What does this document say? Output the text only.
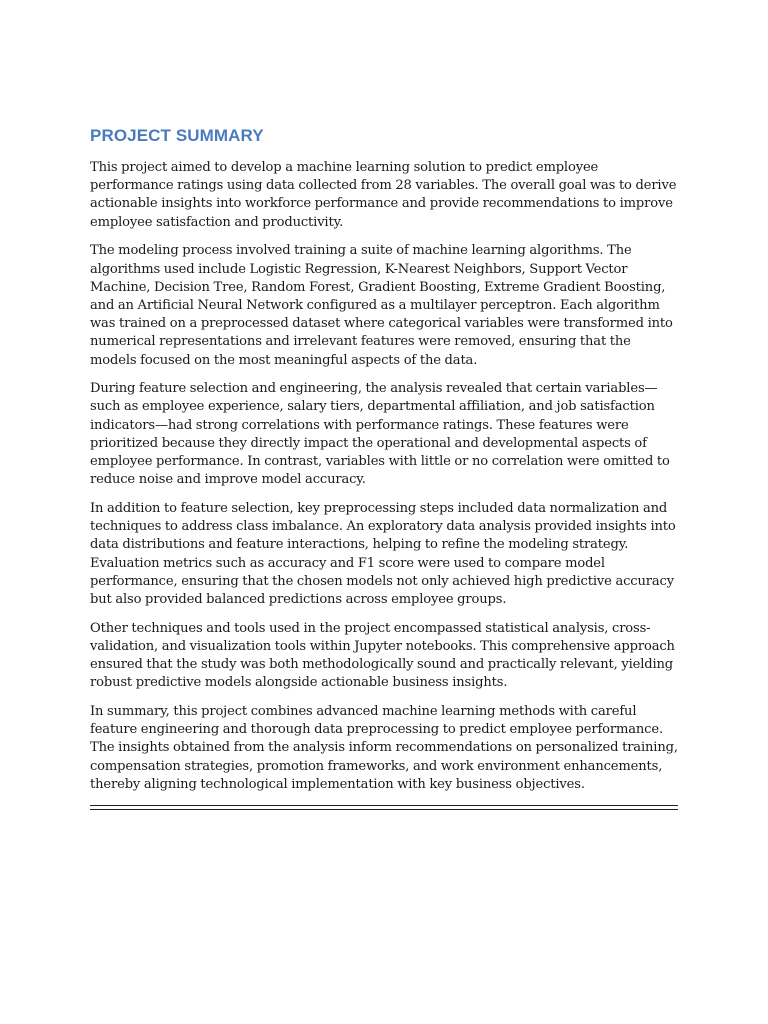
PROJECT SUMMARY

This project aimed to develop a machine learning solution to predict employee performance ratings using data collected from 28 variables. The overall goal was to derive actionable insights into workforce performance and provide recommendations to improve employee satisfaction and productivity.

The modeling process involved training a suite of machine learning algorithms. The algorithms used include Logistic Regression, K-Nearest Neighbors, Support Vector Machine, Decision Tree, Random Forest, Gradient Boosting, Extreme Gradient Boosting, and an Artificial Neural Network configured as a multilayer perceptron. Each algorithm was trained on a preprocessed dataset where categorical variables were transformed into numerical representations and irrelevant features were removed, ensuring that the models focused on the most meaningful aspects of the data.

During feature selection and engineering, the analysis revealed that certain variables—such as employee experience, salary tiers, departmental affiliation, and job satisfaction indicators—had strong correlations with performance ratings. These features were prioritized because they directly impact the operational and developmental aspects of employee performance. In contrast, variables with little or no correlation were omitted to reduce noise and improve model accuracy.

In addition to feature selection, key preprocessing steps included data normalization and techniques to address class imbalance. An exploratory data analysis provided insights into data distributions and feature interactions, helping to refine the modeling strategy. Evaluation metrics such as accuracy and F1 score were used to compare model performance, ensuring that the chosen models not only achieved high predictive accuracy but also provided balanced predictions across employee groups.

Other techniques and tools used in the project encompassed statistical analysis, cross-validation, and visualization tools within Jupyter notebooks. This comprehensive approach ensured that the study was both methodologically sound and practically relevant, yielding robust predictive models alongside actionable business insights.

In summary, this project combines advanced machine learning methods with careful feature engineering and thorough data preprocessing to predict employee performance. The insights obtained from the analysis inform recommendations on personalized training, compensation strategies, promotion frameworks, and work environment enhancements, thereby aligning technological implementation with key business objectives.
